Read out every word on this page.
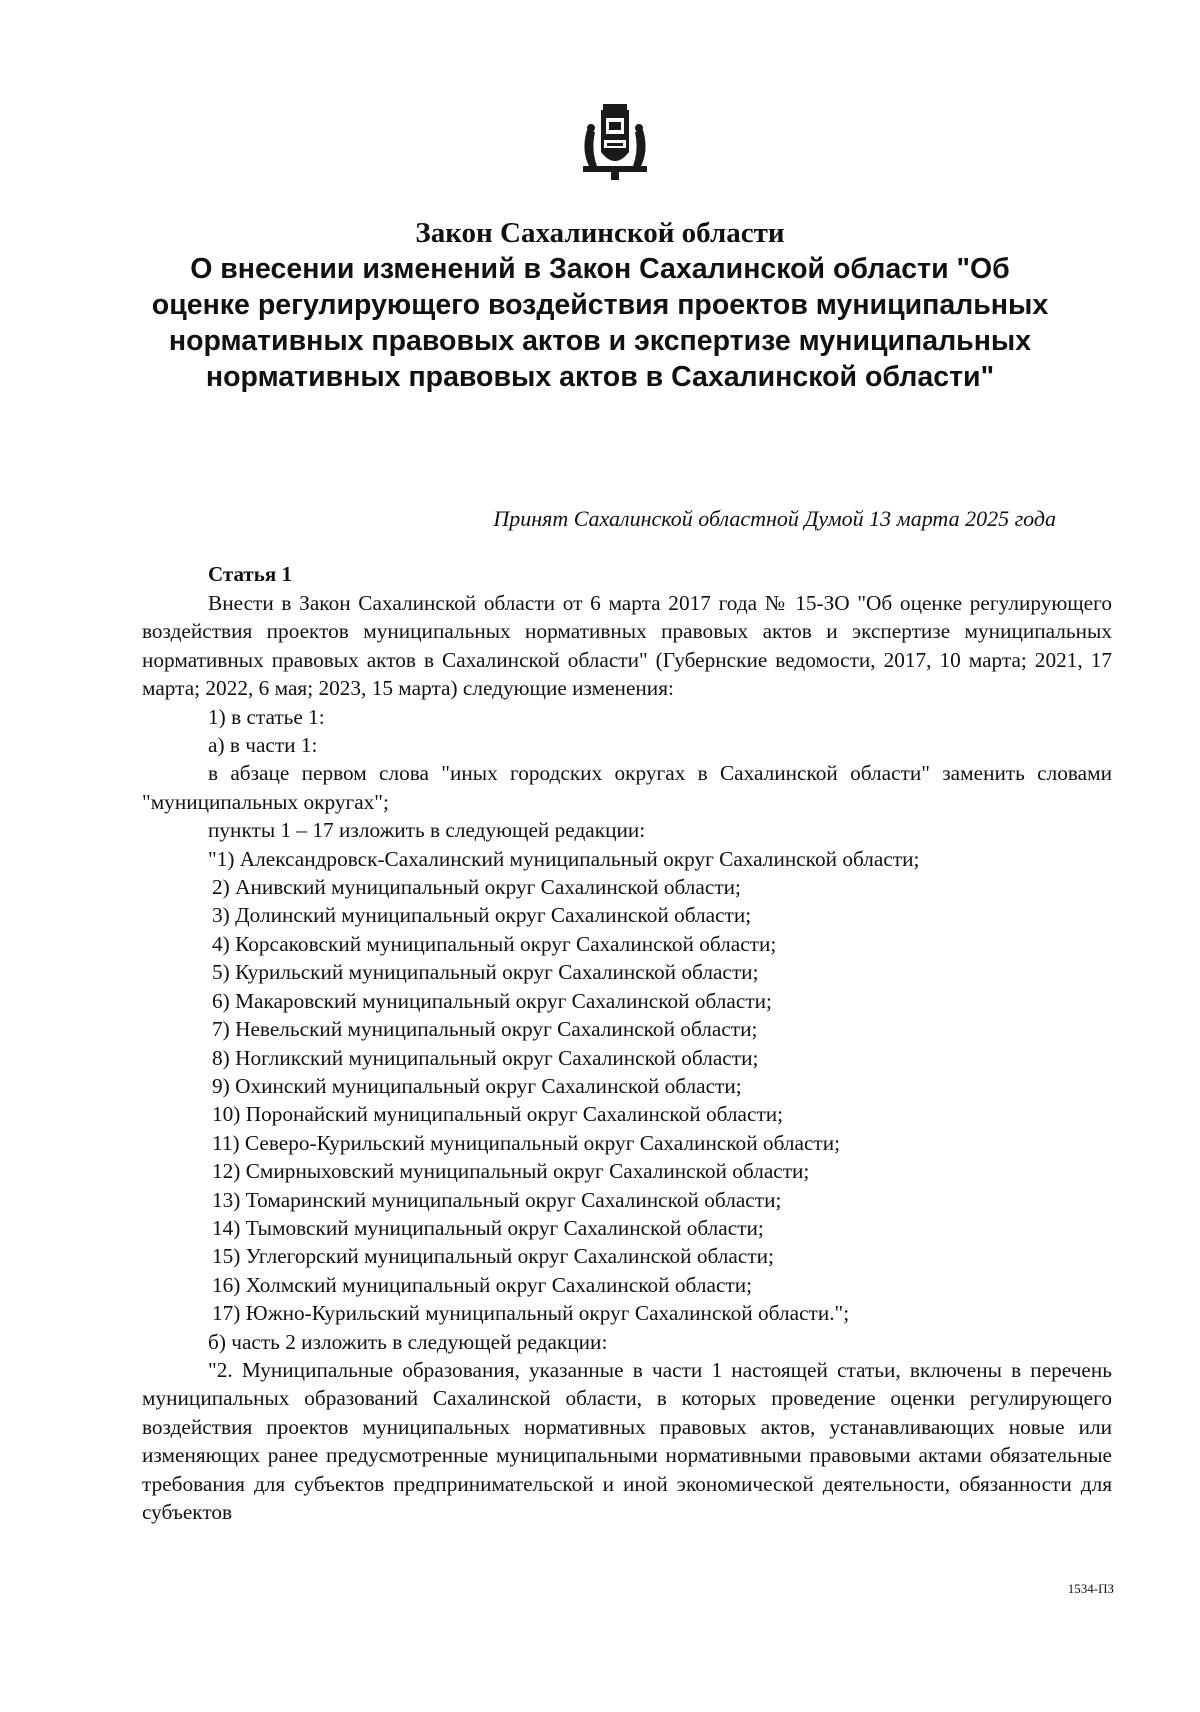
Закон Сахалинской области
О внесении изменений в Закон Сахалинской области "Об оценке регулирующего воздействия проектов муниципальных нормативных правовых актов и экспертизе муниципальных нормативных правовых актов в Сахалинской области"
Принят Сахалинской областной Думой 13 марта 2025 года
Статья 1

Внести в Закон Сахалинской области от 6 марта 2017 года № 15-ЗО "Об оценке регулирующего воздействия проектов муниципальных нормативных правовых актов и экспертизе муниципальных нормативных правовых актов в Сахалинской области" (Губернские ведомости, 2017, 10 марта; 2021, 17 марта; 2022, 6 мая; 2023, 15 марта) следующие изменения:

1) в статье 1:

а) в части 1:

в абзаце первом слова "иных городских округах в Сахалинской области" заменить словами "муниципальных округах";

пункты 1 – 17 изложить в следующей редакции:

"1) Александровск-Сахалинский муниципальный округ Сахалинской области;

2) Анивский муниципальный округ Сахалинской области;

3) Долинский муниципальный округ Сахалинской области;

4) Корсаковский муниципальный округ Сахалинской области;

5) Курильский муниципальный округ Сахалинской области;

6) Макаровский муниципальный округ Сахалинской области;

7) Невельский муниципальный округ Сахалинской области;

8) Ногликский муниципальный округ Сахалинской области;

9) Охинский муниципальный округ Сахалинской области;

10) Поронайский муниципальный округ Сахалинской области;

11) Северо-Курильский муниципальный округ Сахалинской области;

12) Смирныховский муниципальный округ Сахалинской области;

13) Томаринский муниципальный округ Сахалинской области;

14) Тымовский муниципальный округ Сахалинской области;

15) Углегорский муниципальный округ Сахалинской области;

16) Холмский муниципальный округ Сахалинской области;

17) Южно-Курильский муниципальный округ Сахалинской области.";

б) часть 2 изложить в следующей редакции:

"2. Муниципальные образования, указанные в части 1 настоящей статьи, включены в перечень муниципальных образований Сахалинской области, в которых проведение оценки регулирующего воздействия проектов муниципальных нормативных правовых актов, устанавливающих новые или изменяющих ранее предусмотренные муниципальными нормативными правовыми актами обязательные требования для субъектов предпринимательской и иной экономической деятельности, обязанности для субъектов

1534-ПЗ
